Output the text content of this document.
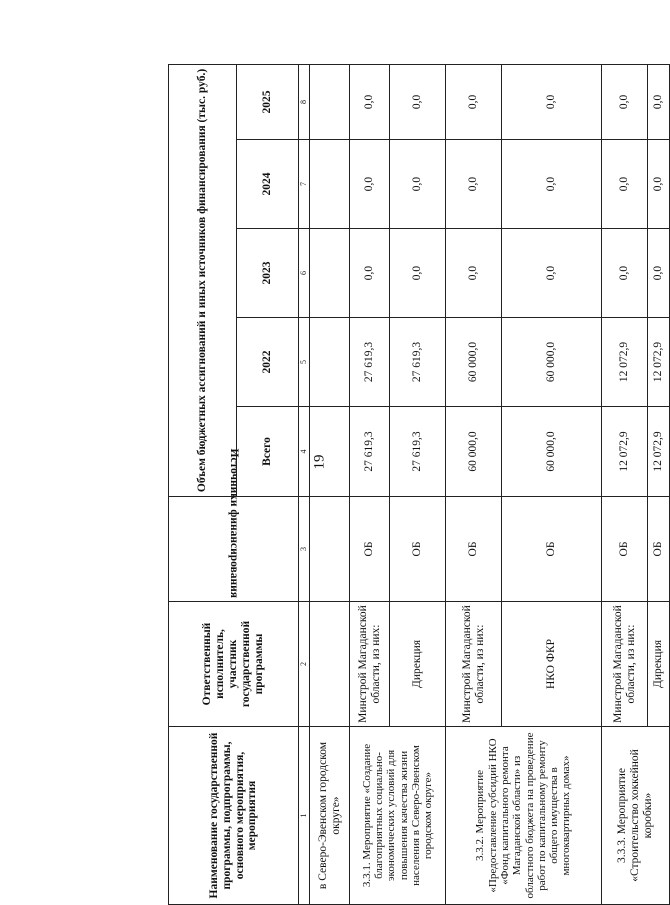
19
Наименование государственной программы, подпрограммы, основного мероприятия, мероприятия	Ответственный исполнитель, участник государственной программы	Источники финансирования	Объем бюджетных ассигнований и иных источников финансирования (тыс. руб.)				
			Всего	2022	2023	2024	2025
1	2	3	4	5	6	7	8
в Северо-Эвенском городском округе»							
3.3.1. Мероприятие «Создание благоприятных социально-экономических условий для повышения качества жизни населения в Северо-Эвенском городском округе»	Минстрой Магаданской области, из них:	ОБ	27 619,3	27 619,3	0,0	0,0	0,0
	Дирекция	ОБ	27 619,3	27 619,3	0,0	0,0	0,0
3.3.2. Мероприятие «Предоставление субсидий НКО «Фонд капитального ремонта Магаданской области» из областного бюджета на проведение работ по капитальному ремонту общего имущества в многоквартирных домах»	Минстрой Магаданской области, из них:	ОБ	60 000,0	60 000,0	0,0	0,0	0,0
	НКО ФКР	ОБ	60 000,0	60 000,0	0,0	0,0	0,0
3.3.3. Мероприятие «Строительство хоккейной коробки»	Минстрой Магаданской области, из них:	ОБ	12 072,9	12 072,9	0,0	0,0	0,0
	Дирекция	ОБ	12 072,9	12 072,9	0,0	0,0	0,0
